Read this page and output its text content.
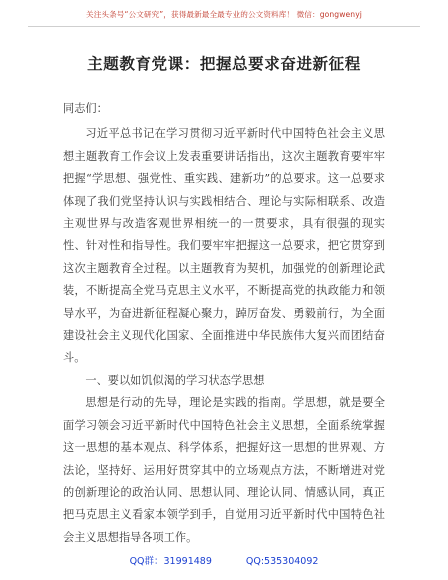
关注头条号“公文研究”，获得最新最全最专业的公文资料库！ 微信：gongwenyj
主题教育党课：把握总要求奋进新征程

同志们：

习近平总书记在学习贯彻习近平新时代中国特色社会主义思想主题教育工作会议上发表重要讲话指出，这次主题教育要牢牢把握“学思想、强党性、重实践、建新功”的总要求。这一总要求体现了我们党坚持认识与实践相结合、理论与实际相联系、改造主观世界与改造客观世界相统一的一贯要求，具有很强的现实性、针对性和指导性。我们要牢牢把握这一总要求，把它贯穿到这次主题教育全过程。以主题教育为契机，加强党的创新理论武装，不断提高全党马克思主义水平，不断提高党的执政能力和领导水平，为奋进新征程凝心聚力，踔厉奋发、勇毅前行，为全面建设社会主义现代化国家、全面推进中华民族伟大复兴而团结奋斗。

一、要以如饥似渴的学习状态学思想

思想是行动的先导，理论是实践的指南。学思想，就是要全面学习领会习近平新时代中国特色社会主义思想，全面系统掌握这一思想的基本观点、科学体系，把握好这一思想的世界观、方法论，坚持好、运用好贯穿其中的立场观点方法，不断增进对党的创新理论的政治认同、思想认同、理论认同、情感认同，真正把马克思主义看家本领学到手，自觉用习近平新时代中国特色社会主义思想指导各项工作。

QQ群：31991489	QQ:535304092
